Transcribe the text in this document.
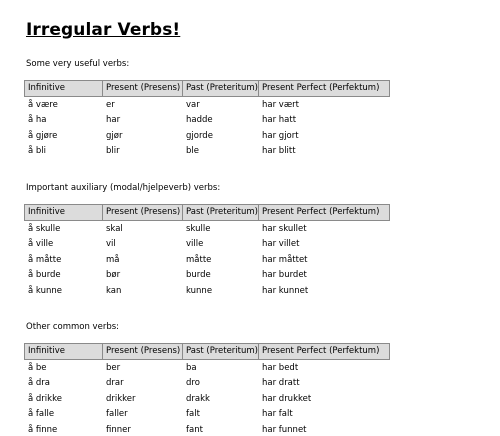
Irregular Verbs!
Some very useful verbs:
Infinitive	Present (Presens)	Past (Preteritum)	Present Perfect (Perfektum)
å være	er	var	har vært
å ha	har	hadde	har hatt
å gjøre	gjør	gjorde	har gjort
å bli	blir	ble	har blitt
Important auxiliary (modal/hjelpeverb) verbs:
Infinitive	Present (Presens)	Past (Preteritum)	Present Perfect (Perfektum)
å skulle	skal	skulle	har skullet
å ville	vil	ville	har villet
å måtte	må	måtte	har måttet
å burde	bør	burde	har burdet
å kunne	kan	kunne	har kunnet
Other common verbs:
Infinitive	Present (Presens)	Past (Preteritum)	Present Perfect (Perfektum)
å be	ber	ba	har bedt
å dra	drar	dro	har dratt
å drikke	drikker	drakk	har drukket
å falle	faller	falt	har falt
å finne	finner	fant	har funnet
